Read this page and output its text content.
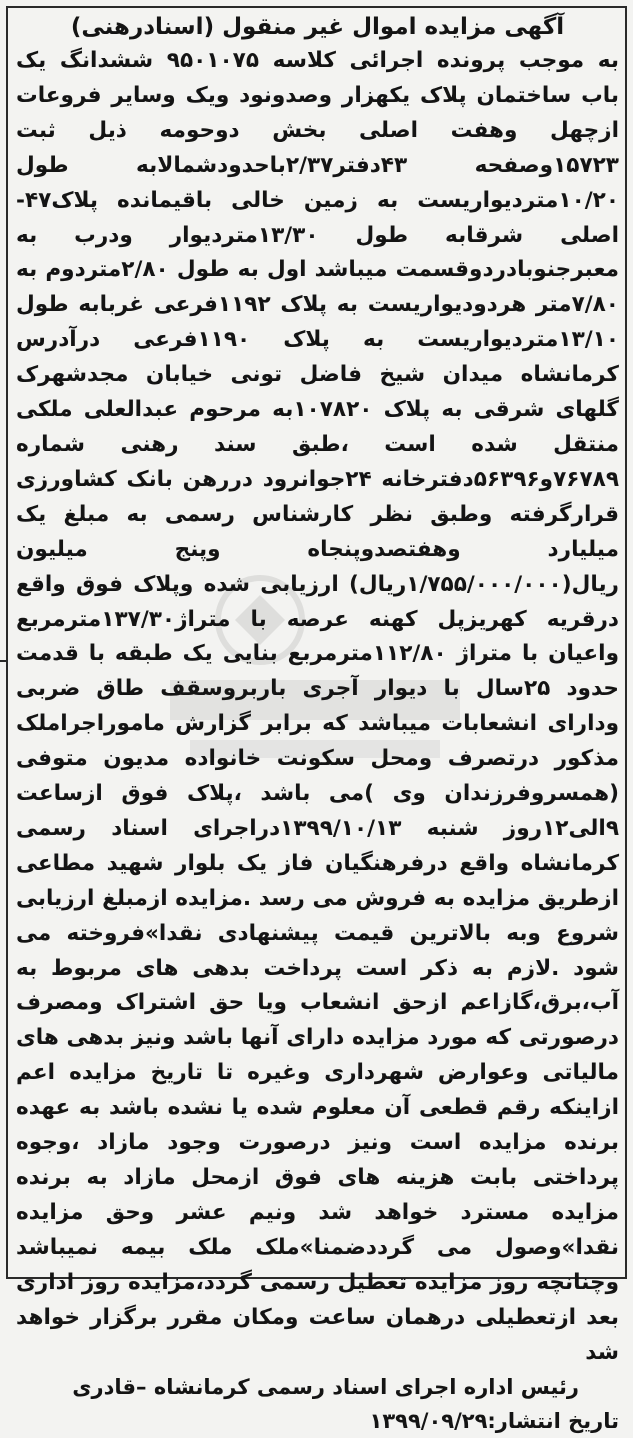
آگهی مزایده اموال غیر منقول (اسنادرهنی)

به موجب پرونده اجرائی کلاسه ۹۵۰۱۰۷۵ ششدانگ یک باب ساختمان پلاک یکهزار وصدونود ویک وسایر فروعات ازچهل وهفت اصلی بخش دوحومه ذیل ثبت ۱۵۷۲۳وصفحه ۴۳دفتر۲/۳۷باحدودشمالابه طول ۱۰/۲۰متردیواریست به زمین خالی باقیمانده پلاک۴۷-اصلی شرقابه طول ۱۳/۳۰متردیوار ودرب به معبرجنوبادردوقسمت میباشد اول به طول ۲/۸۰متردوم به ۷/۸۰متر هردودیواریست به پلاک ۱۱۹۲فرعی غربابه طول ۱۳/۱۰متردیواریست به پلاک ۱۱۹۰فرعی درآدرس کرمانشاه میدان شیخ فاضل تونی خیابان مجدشهرک گلهای شرقی به پلاک ۱۰۷۸۲۰به مرحوم عبدالعلی ملکی منتقل شده است ،طبق سند رهنی شماره ۷۶۷۸۹و۵۶۳۹۶دفترخانه ۲۴جوانرود دررهن بانک کشاورزی قرارگرفته وطبق نظر کارشناس رسمی به مبلغ یک میلیارد وهفتصدوپنجاه وپنج میلیون ریال(۱/۷۵۵/۰۰۰/۰۰۰ریال) ارزیابی شده وپلاک فوق واقع درقریه کهریزپل کهنه عرصه با متراژ۱۳۷/۳۰مترمربع واعیان با متراژ ۱۱۲/۸۰مترمربع بنایی یک طبقه با قدمت حدود ۲۵سال با دیوار آجری باربروسقف طاق ضربی ودارای انشعابات میباشد که برابر گزارش ماموراجراملک مذکور درتصرف ومحل سکونت خانواده مدیون متوفی (همسروفرزندان وی )می باشد ،پلاک فوق ازساعت ۹الی۱۲روز شنبه ۱۳۹۹/۱۰/۱۳دراجرای اسناد رسمی کرمانشاه واقع درفرهنگیان فاز یک بلوار شهید مطاعی ازطریق مزایده به فروش می رسد .مزایده ازمبلغ ارزیابی شروع وبه بالاترین قیمت پیشنهادی نقدا»فروخته می شود .لازم به ذکر است پرداخت بدهی های مربوط به آب،برق،گازاعم ازحق انشعاب ویا حق اشتراک ومصرف درصورتی که مورد مزایده دارای آنها باشد ونیز بدهی های مالیاتی وعوارض شهرداری وغیره تا تاریخ مزایده اعم ازاینکه رقم قطعی آن معلوم شده یا نشده باشد به عهده برنده مزایده است ونیز درصورت وجود مازاد ،وجوه پرداختی بابت هزینه های فوق ازمحل مازاد به برنده مزایده مسترد خواهد شد ونیم عشر وحق مزایده نقدا»وصول می گرددضمنا»ملک ملک بیمه نمیباشد وچنانچه روز مزایده تعطیل رسمی گردد،مزایده روز اداری بعد ازتعطیلی درهمان ساعت ومکان مقرر برگزار خواهد شد

رئیس اداره اجرای اسناد رسمی کرمانشاه –قادری

تاریخ انتشار:۱۳۹۹/۰۹/۲۹
